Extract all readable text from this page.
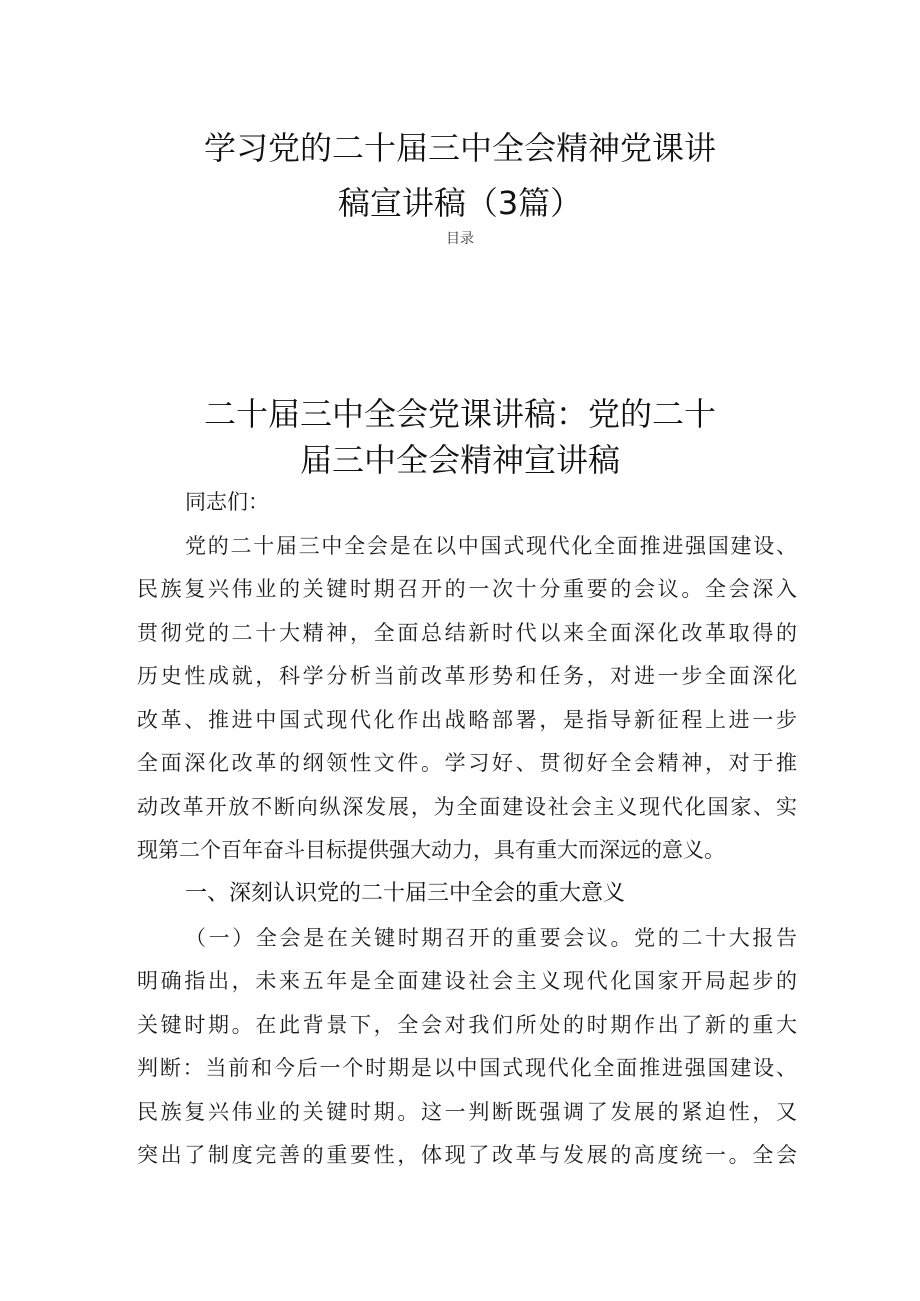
学习党的二十届三中全会精神党课讲
稿宣讲稿（3篇）
目录
二十届三中全会党课讲稿：党的二十
届三中全会精神宣讲稿
同志们：
党的二十届三中全会是在以中国式现代化全面推进强国建设、
民族复兴伟业的关键时期召开的一次十分重要的会议。全会深入
贯彻党的二十大精神，全面总结新时代以来全面深化改革取得的
历史性成就，科学分析当前改革形势和任务，对进一步全面深化
改革、推进中国式现代化作出战略部署，是指导新征程上进一步
全面深化改革的纲领性文件。学习好、贯彻好全会精神，对于推
动改革开放不断向纵深发展，为全面建设社会主义现代化国家、实
现第二个百年奋斗目标提供强大动力，具有重大而深远的意义。
一、深刻认识党的二十届三中全会的重大意义
（一）全会是在关键时期召开的重要会议。党的二十大报告
明确指出，未来五年是全面建设社会主义现代化国家开局起步的
关键时期。在此背景下，全会对我们所处的时期作出了新的重大
判断：当前和今后一个时期是以中国式现代化全面推进强国建设、
民族复兴伟业的关键时期。这一判断既强调了发展的紧迫性，又
突出了制度完善的重要性，体现了改革与发展的高度统一。全会
